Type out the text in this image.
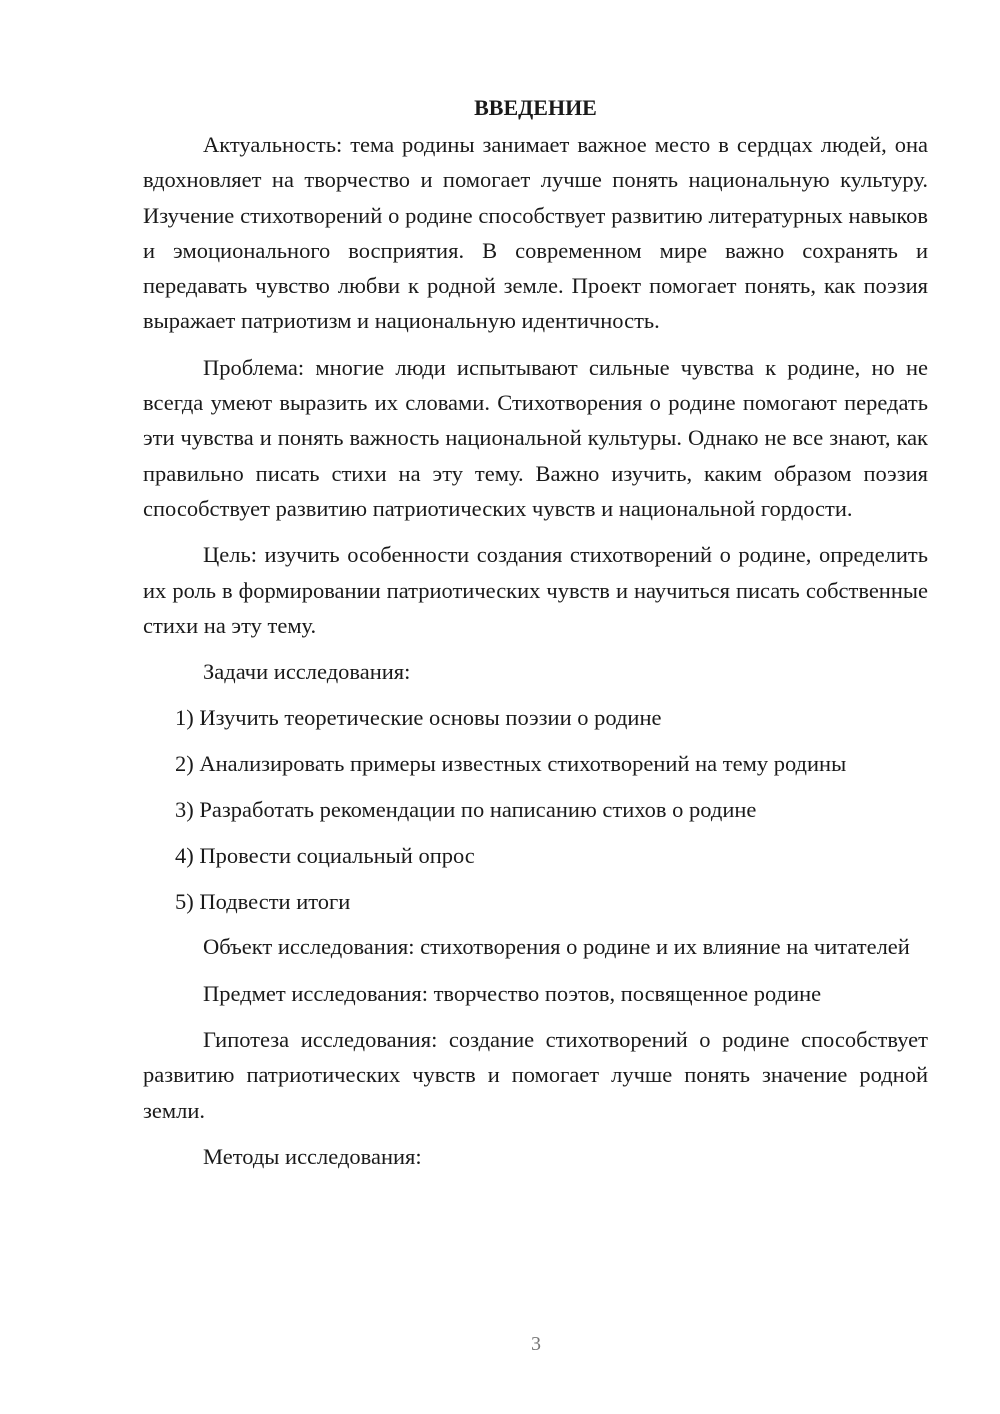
ВВЕДЕНИЕ

Актуальность: тема родины занимает важное место в сердцах людей, она вдохновляет на творчество и помогает лучше понять национальную культуру. Изучение стихотворений о родине способствует развитию литературных навыков и эмоционального восприятия. В современном мире важно сохранять и передавать чувство любви к родной земле. Проект помогает понять, как поэзия выражает патриотизм и национальную идентичность.

Проблема: многие люди испытывают сильные чувства к родине, но не всегда умеют выразить их словами. Стихотворения о родине помогают передать эти чувства и понять важность национальной культуры. Однако не все знают, как правильно писать стихи на эту тему. Важно изучить, каким образом поэзия способствует развитию патриотических чувств и национальной гордости.

Цель: изучить особенности создания стихотворений о родине, определить их роль в формировании патриотических чувств и научиться писать собственные стихи на эту тему.

Задачи исследования:

1) Изучить теоретические основы поэзии о родине
2) Анализировать примеры известных стихотворений на тему родины
3) Разработать рекомендации по написанию стихов о родине
4) Провести социальный опрос
5) Подвести итоги

Объект исследования: стихотворения о родине и их влияние на читателей

Предмет исследования: творчество поэтов, посвященное родине

Гипотеза исследования: создание стихотворений о родине способствует развитию патриотических чувств и помогает лучше понять значение родной земли.

Методы исследования:

3
